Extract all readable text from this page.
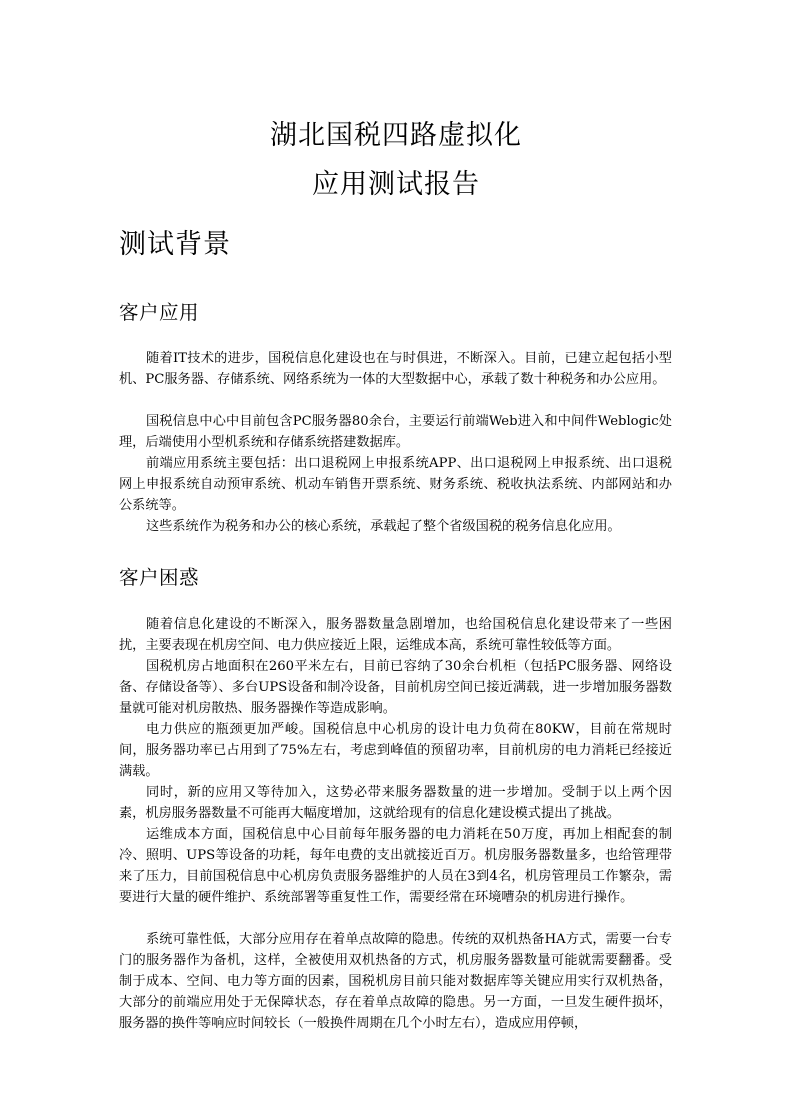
湖北国税四路虚拟化
应用测试报告
测试背景
客户应用

随着IT技术的进步，国税信息化建设也在与时俱进，不断深入。目前，已建立起包括小型机、PC服务器、存储系统、网络系统为一体的大型数据中心，承载了数十种税务和办公应用。

国税信息中心中目前包含PC服务器80余台，主要运行前端Web进入和中间件Weblogic处理，后端使用小型机系统和存储系统搭建数据库。

前端应用系统主要包括：出口退税网上申报系统APP、出口退税网上申报系统、出口退税网上申报系统自动预审系统、机动车销售开票系统、财务系统、税收执法系统、内部网站和办公系统等。

这些系统作为税务和办公的核心系统，承载起了整个省级国税的税务信息化应用。

客户困惑

随着信息化建设的不断深入，服务器数量急剧增加，也给国税信息化建设带来了一些困扰，主要表现在机房空间、电力供应接近上限，运维成本高，系统可靠性较低等方面。

国税机房占地面积在260平米左右，目前已容纳了30余台机柜（包括PC服务器、网络设备、存储设备等）、多台UPS设备和制冷设备，目前机房空间已接近满载，进一步增加服务器数量就可能对机房散热、服务器操作等造成影响。

电力供应的瓶颈更加严峻。国税信息中心机房的设计电力负荷在80KW，目前在常规时间，服务器功率已占用到了75%左右，考虑到峰值的预留功率，目前机房的电力消耗已经接近满载。

同时，新的应用又等待加入，这势必带来服务器数量的进一步增加。受制于以上两个因素，机房服务器数量不可能再大幅度增加，这就给现有的信息化建设模式提出了挑战。

运维成本方面，国税信息中心目前每年服务器的电力消耗在50万度，再加上相配套的制冷、照明、UPS等设备的功耗，每年电费的支出就接近百万。机房服务器数量多，也给管理带来了压力，目前国税信息中心机房负责服务器维护的人员在3到4名，机房管理员工作繁杂，需要进行大量的硬件维护、系统部署等重复性工作，需要经常在环境嘈杂的机房进行操作。

系统可靠性低，大部分应用存在着单点故障的隐患。传统的双机热备HA方式，需要一台专门的服务器作为备机，这样，全被使用双机热备的方式，机房服务器数量可能就需要翻番。受制于成本、空间、电力等方面的因素，国税机房目前只能对数据库等关键应用实行双机热备，大部分的前端应用处于无保障状态，存在着单点故障的隐患。另一方面，一旦发生硬件损坏，服务器的换件等响应时间较长（一般换件周期在几个小时左右），造成应用停顿，
